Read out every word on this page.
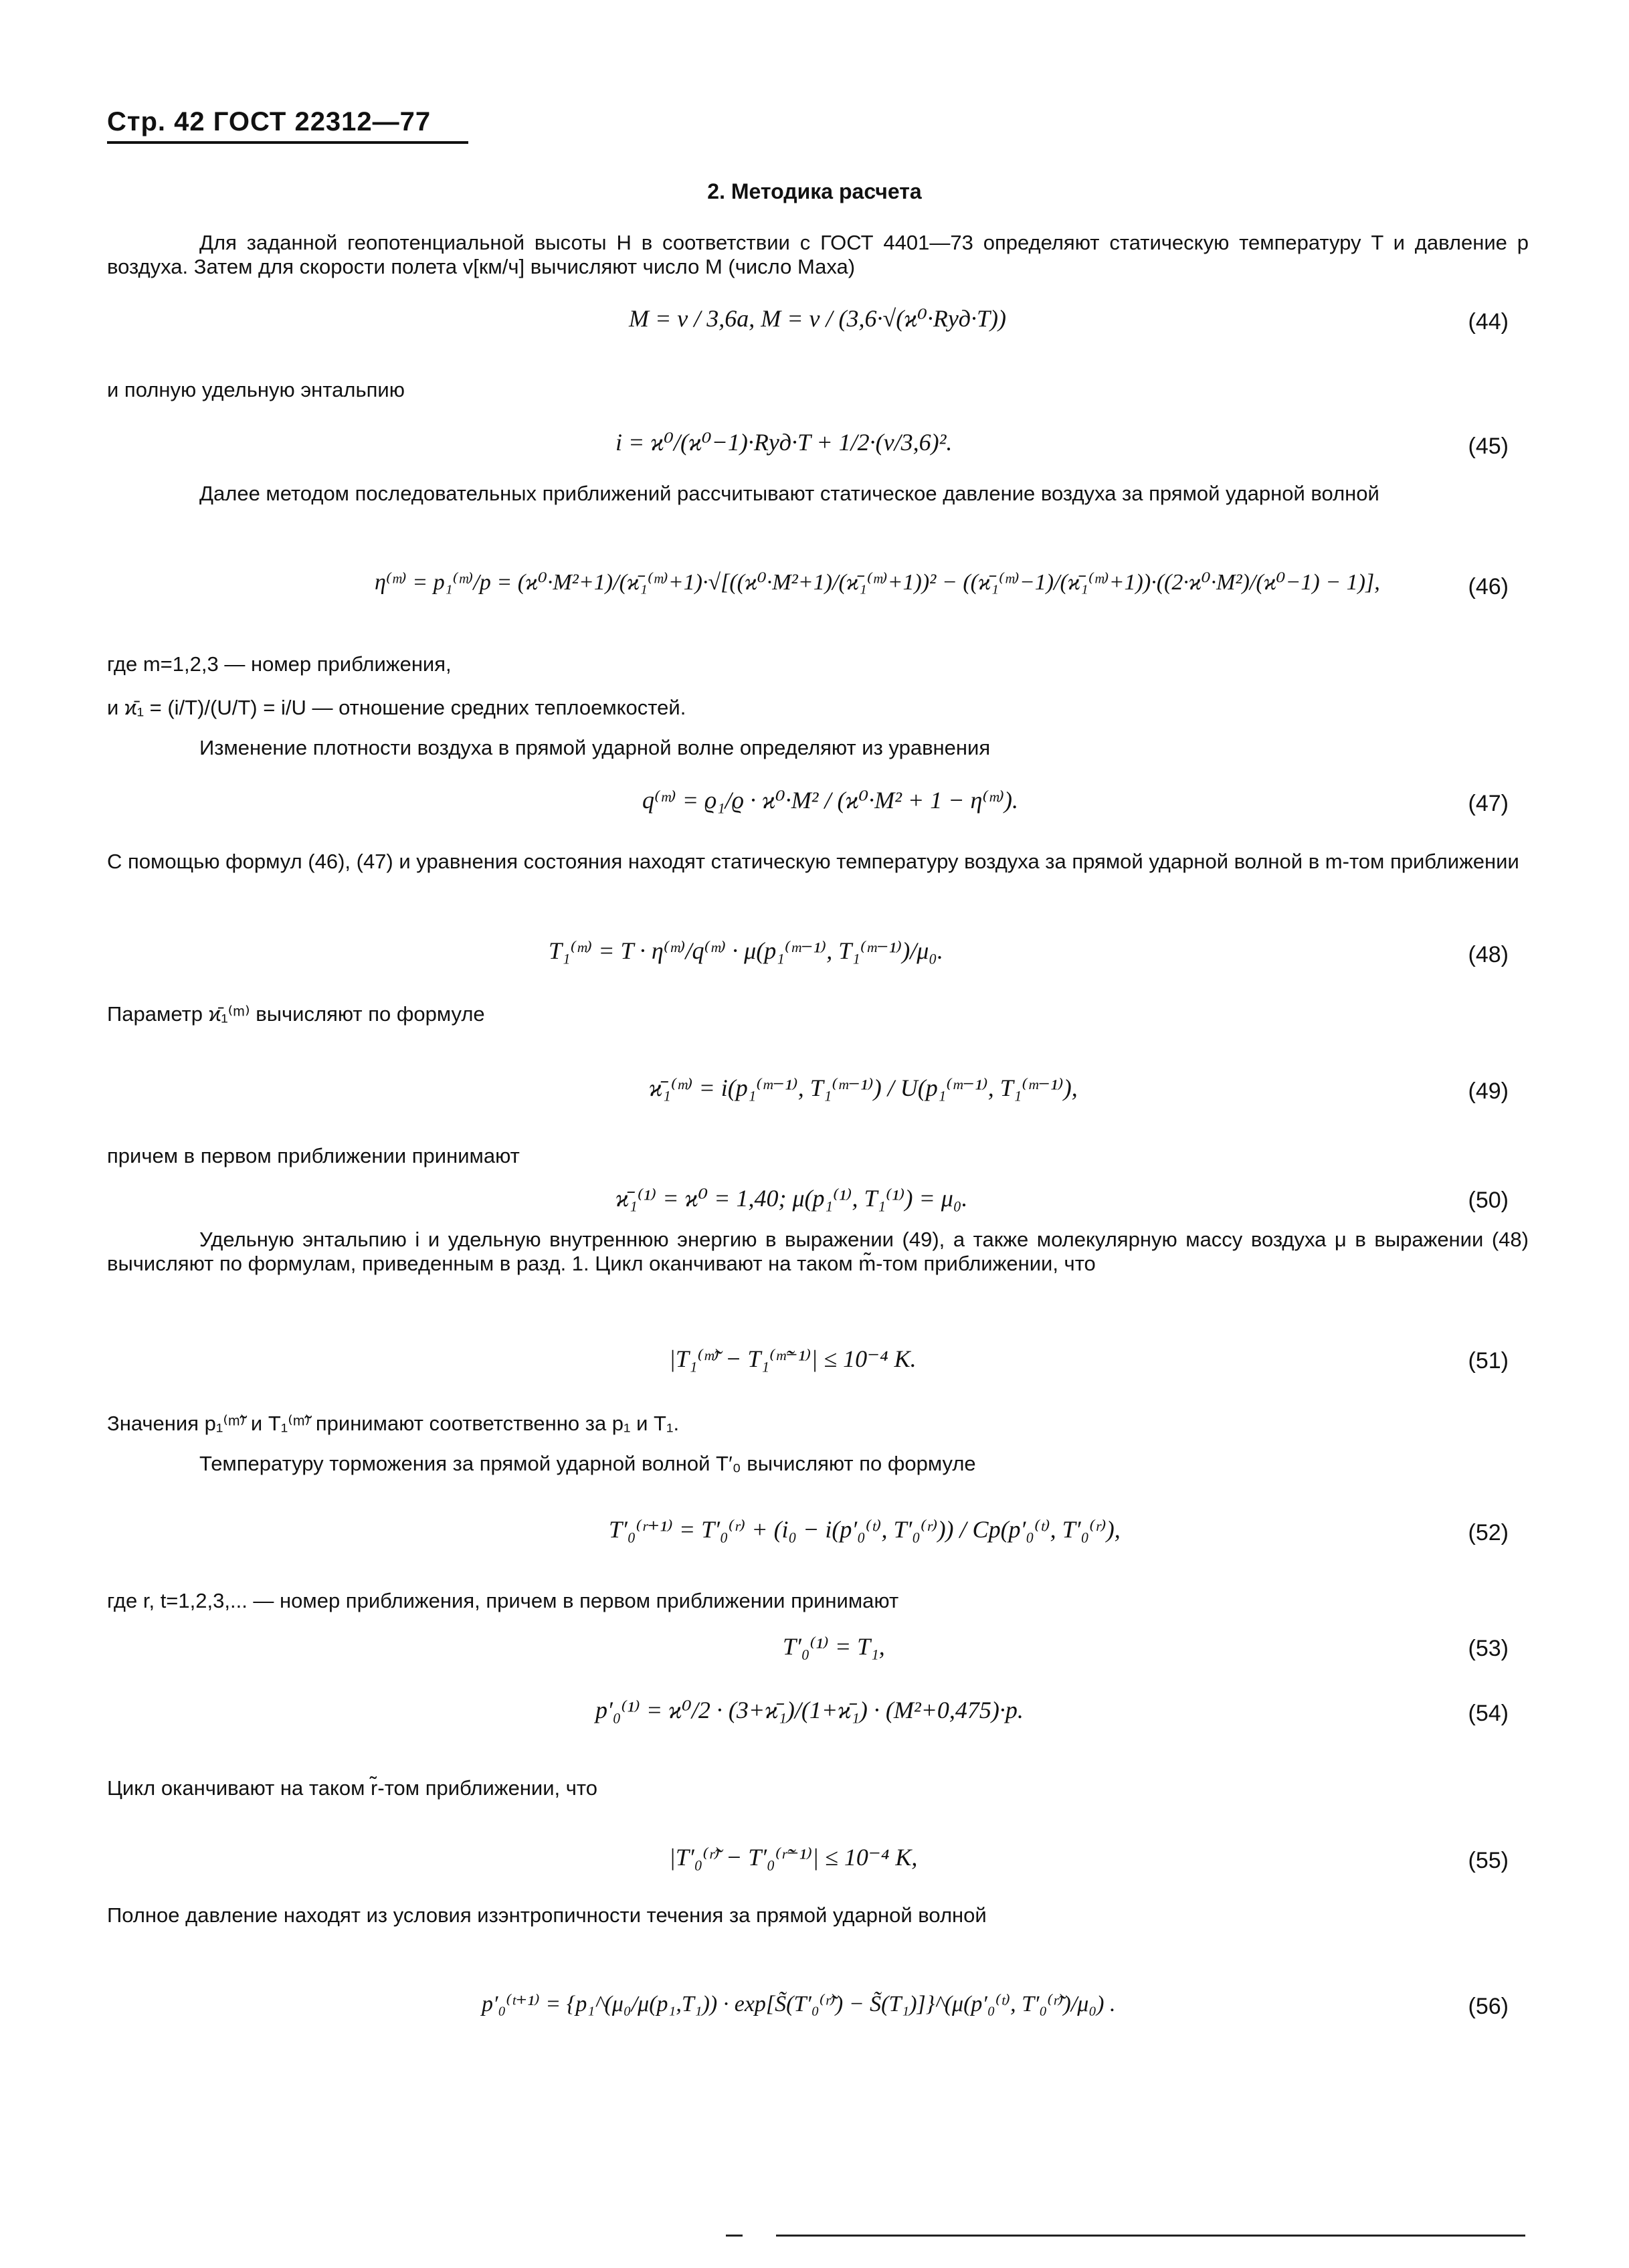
Стр. 42 ГОСТ 22312—77
2. Методика расчета
Для заданной геопотенциальной высоты H в соответствии с ГОСТ 4401—73 определяют статическую температуру T и давление p воздуха. Затем для скорости полета v[км/ч] вычисляют число M (число Маха)
M = v / 3,6a, M = v / (3,6·√(ϰ⁰·Rуд·T))	(44)
и полную удельную энтальпию
i = ϰ⁰/(ϰ⁰−1)·Rуд·T + 1/2·(v/3,6)².	(45)
Далее методом последовательных приближений рассчитывают статическое давление воздуха за прямой ударной волной
η⁽ᵐ⁾ = p₁⁽ᵐ⁾/p = (ϰ⁰·M²+1)/(ϰ̄₁⁽ᵐ⁾+1)·√[((ϰ⁰·M²+1)/(ϰ̄₁⁽ᵐ⁾+1))² − ((ϰ̄₁⁽ᵐ⁾−1)/(ϰ̄₁⁽ᵐ⁾+1))·((2·ϰ⁰·M²)/(ϰ⁰−1) − 1)],	(46)
где m=1,2,3 — номер приближения,
и ϰ̄₁ = (i/T)/(U/T) = i/U — отношение средних теплоемкостей.
Изменение плотности воздуха в прямой ударной волне определяют из уравнения
q⁽ᵐ⁾ = ϱ₁/ϱ · ϰ⁰·M² / (ϰ⁰·M² + 1 − η⁽ᵐ⁾).	(47)
С помощью формул (46), (47) и уравнения состояния находят статическую температуру воздуха за прямой ударной волной в m-том приближении
T₁⁽ᵐ⁾ = T · η⁽ᵐ⁾/q⁽ᵐ⁾ · μ(p₁⁽ᵐ⁻¹⁾, T₁⁽ᵐ⁻¹⁾)/μ₀.	(48)
Параметр ϰ̄₁⁽ᵐ⁾ вычисляют по формуле
ϰ̄₁⁽ᵐ⁾ = i(p₁⁽ᵐ⁻¹⁾, T₁⁽ᵐ⁻¹⁾) / U(p₁⁽ᵐ⁻¹⁾, T₁⁽ᵐ⁻¹⁾),	(49)
причем в первом приближении принимают
ϰ̄₁⁽¹⁾ = ϰ⁰ = 1,40; μ(p₁⁽¹⁾, T₁⁽¹⁾) = μ₀.	(50)
Удельную энтальпию i и удельную внутреннюю энергию в выражении (49), а также молекулярную массу воздуха μ в выражении (48) вычисляют по формулам, приведенным в разд. 1. Цикл оканчивают на таком m̃-том приближении, что
|T₁⁽ᵐ̃⁾ − T₁⁽ᵐ̃⁻¹⁾| ≤ 10⁻⁴ K.	(51)
Значения p₁⁽ᵐ̃⁾ и T₁⁽ᵐ̃⁾ принимают соответственно за p₁ и T₁.
Температуру торможения за прямой ударной волной T′₀ вычисляют по формуле
T′₀⁽ʳ⁺¹⁾ = T′₀⁽ʳ⁾ + (i₀ − i(p′₀⁽ᵗ⁾, T′₀⁽ʳ⁾)) / Cp(p′₀⁽ᵗ⁾, T′₀⁽ʳ⁾),	(52)
где r, t=1,2,3,... — номер приближения, причем в первом приближении принимают
T′₀⁽¹⁾ = T₁,	(53)
p′₀⁽¹⁾ = ϰ⁰/2 · (3+ϰ̄₁)/(1+ϰ̄₁) · (M²+0,475)·p.	(54)
Цикл оканчивают на таком r̃-том приближении, что
|T′₀⁽ʳ̃⁾ − T′₀⁽ʳ̃⁻¹⁾| ≤ 10⁻⁴ K,	(55)
Полное давление находят из условия изэнтропичности течения за прямой ударной волной
p′₀⁽ᵗ⁺¹⁾ = {p₁^(μ₀/μ(p₁,T₁)) · exp[S̃(T′₀⁽ʳ̃⁾) − S̃(T₁)]}^(μ(p′₀⁽ᵗ⁾, T′₀⁽ʳ̃⁾)/μ₀) .	(56)
